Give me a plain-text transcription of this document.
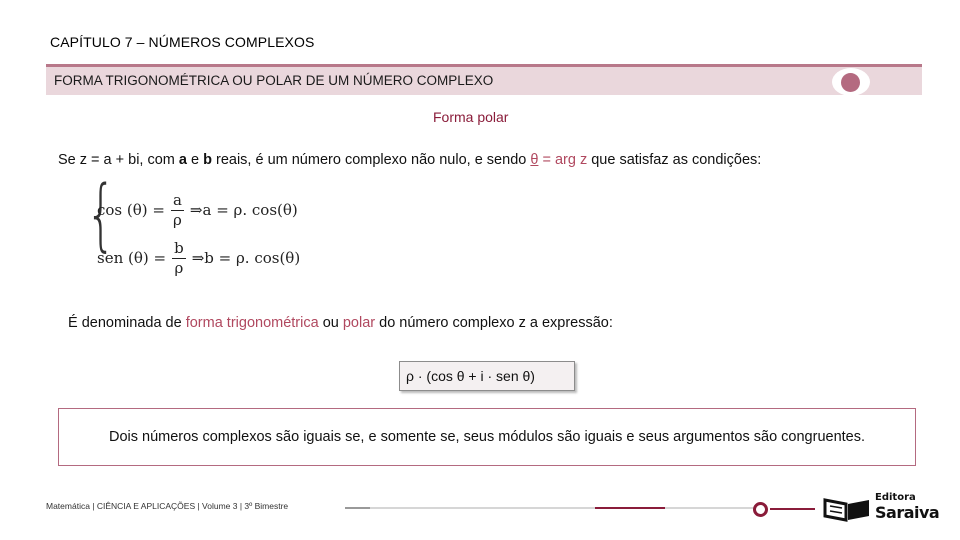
CAPÍTULO 7 – NÚMEROS COMPLEXOS
FORMA TRIGONOMÉTRICA OU POLAR DE UM NÚMERO COMPLEXO
Forma polar
Se z = a + bi, com a e b reais, é um número complexo não nulo, e sendo θ = arg z que satisfaz as condições:
{
$\cos (\theta) = \frac{a}{\rho}$ ⇒a = ρ. cos(θ)
sen $(\theta) = \frac{b}{\rho}$ ⇒b = ρ. cos(θ)
É denominada de forma trigonométrica ou polar do número complexo z a expressão:
ρ · (cos θ + i · sen θ)
Dois números complexos são iguais se, e somente se, seus módulos são iguais e seus argumentos são congruentes.
Matemática | CIÊNCIA E APLICAÇÕES | Volume 3 | 3º Bimestre
Editora
Saraiva
